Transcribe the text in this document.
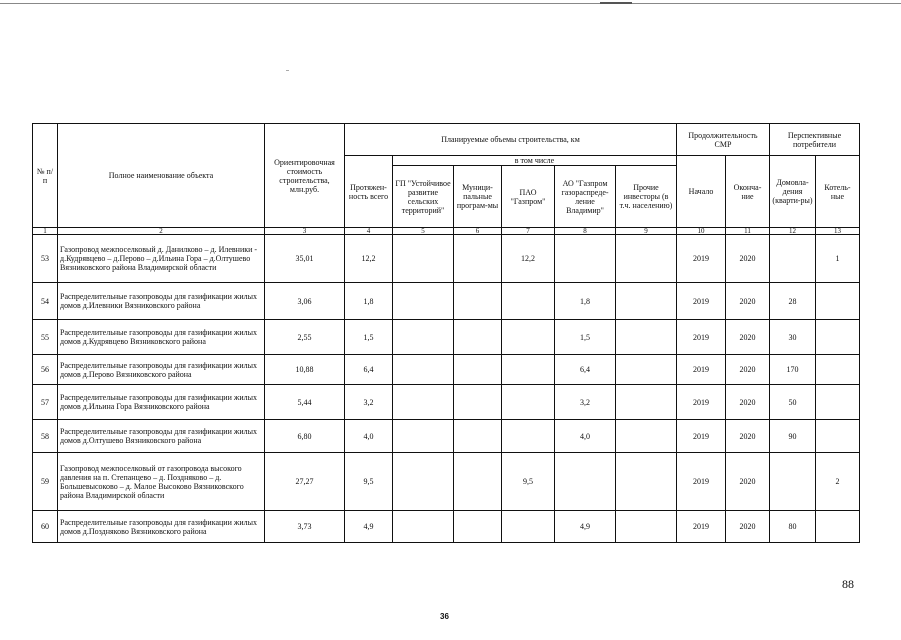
№ п/п	Полное наименование объекта	Ориентировочная стоимость строительства, млн.руб.	Планируемые объемы строительства, км						Продолжительность СМР		Перспективные потребители	
			Протяжен-ность всего	в том числе					Начало	Оконча-ние	Домовла-дения (кварти-ры)	Котель-ные
				ГП "Устойчивое развитие сельских территорий"	Муници-пальные програм-мы	ПАО "Газпром"	АО "Газпром газораспреде-ление Владимир"	Прочие инвесторы (в т.ч. населению)				
1	2	3	4	5	6	7	8	9	10	11	12	13
53	Газопровод межпоселковый д. Данилково – д. Илевники - д.Кудрявцево – д.Перово – д.Ильина Гора – д.Олтушево Вязниковского района Владимирской области	35,01	12,2			12,2			2019	2020		1
54	Распределительные газопроводы для газификации жилых домов д.Илевники Вязниковского района	3,06	1,8				1,8		2019	2020	28	
55	Распределительные газопроводы для газификации жилых домов д.Кудрявцево Вязниковского района	2,55	1,5				1,5		2019	2020	30	
56	Распределительные газопроводы для газификации жилых домов д.Перово Вязниковского района	10,88	6,4				6,4		2019	2020	170	
57	Распределительные газопроводы для газификации жилых домов д.Ильина Гора Вязниковского района	5,44	3,2				3,2		2019	2020	50	
58	Распределительные газопроводы для газификации жилых домов д.Олтушево Вязниковского района	6,80	4,0				4,0		2019	2020	90	
59	Газопровод межпоселковый от газопровода высокого давления на п. Степанцево – д. Поздняково – д. Большевысоково – д. Малое Высоково Вязниковского района Владимирской области	27,27	9,5			9,5			2019	2020		2
60	Распределительные газопроводы для газификации жилых домов д.Поздняково Вязниковского района	3,73	4,9				4,9		2019	2020	80	
88
36
